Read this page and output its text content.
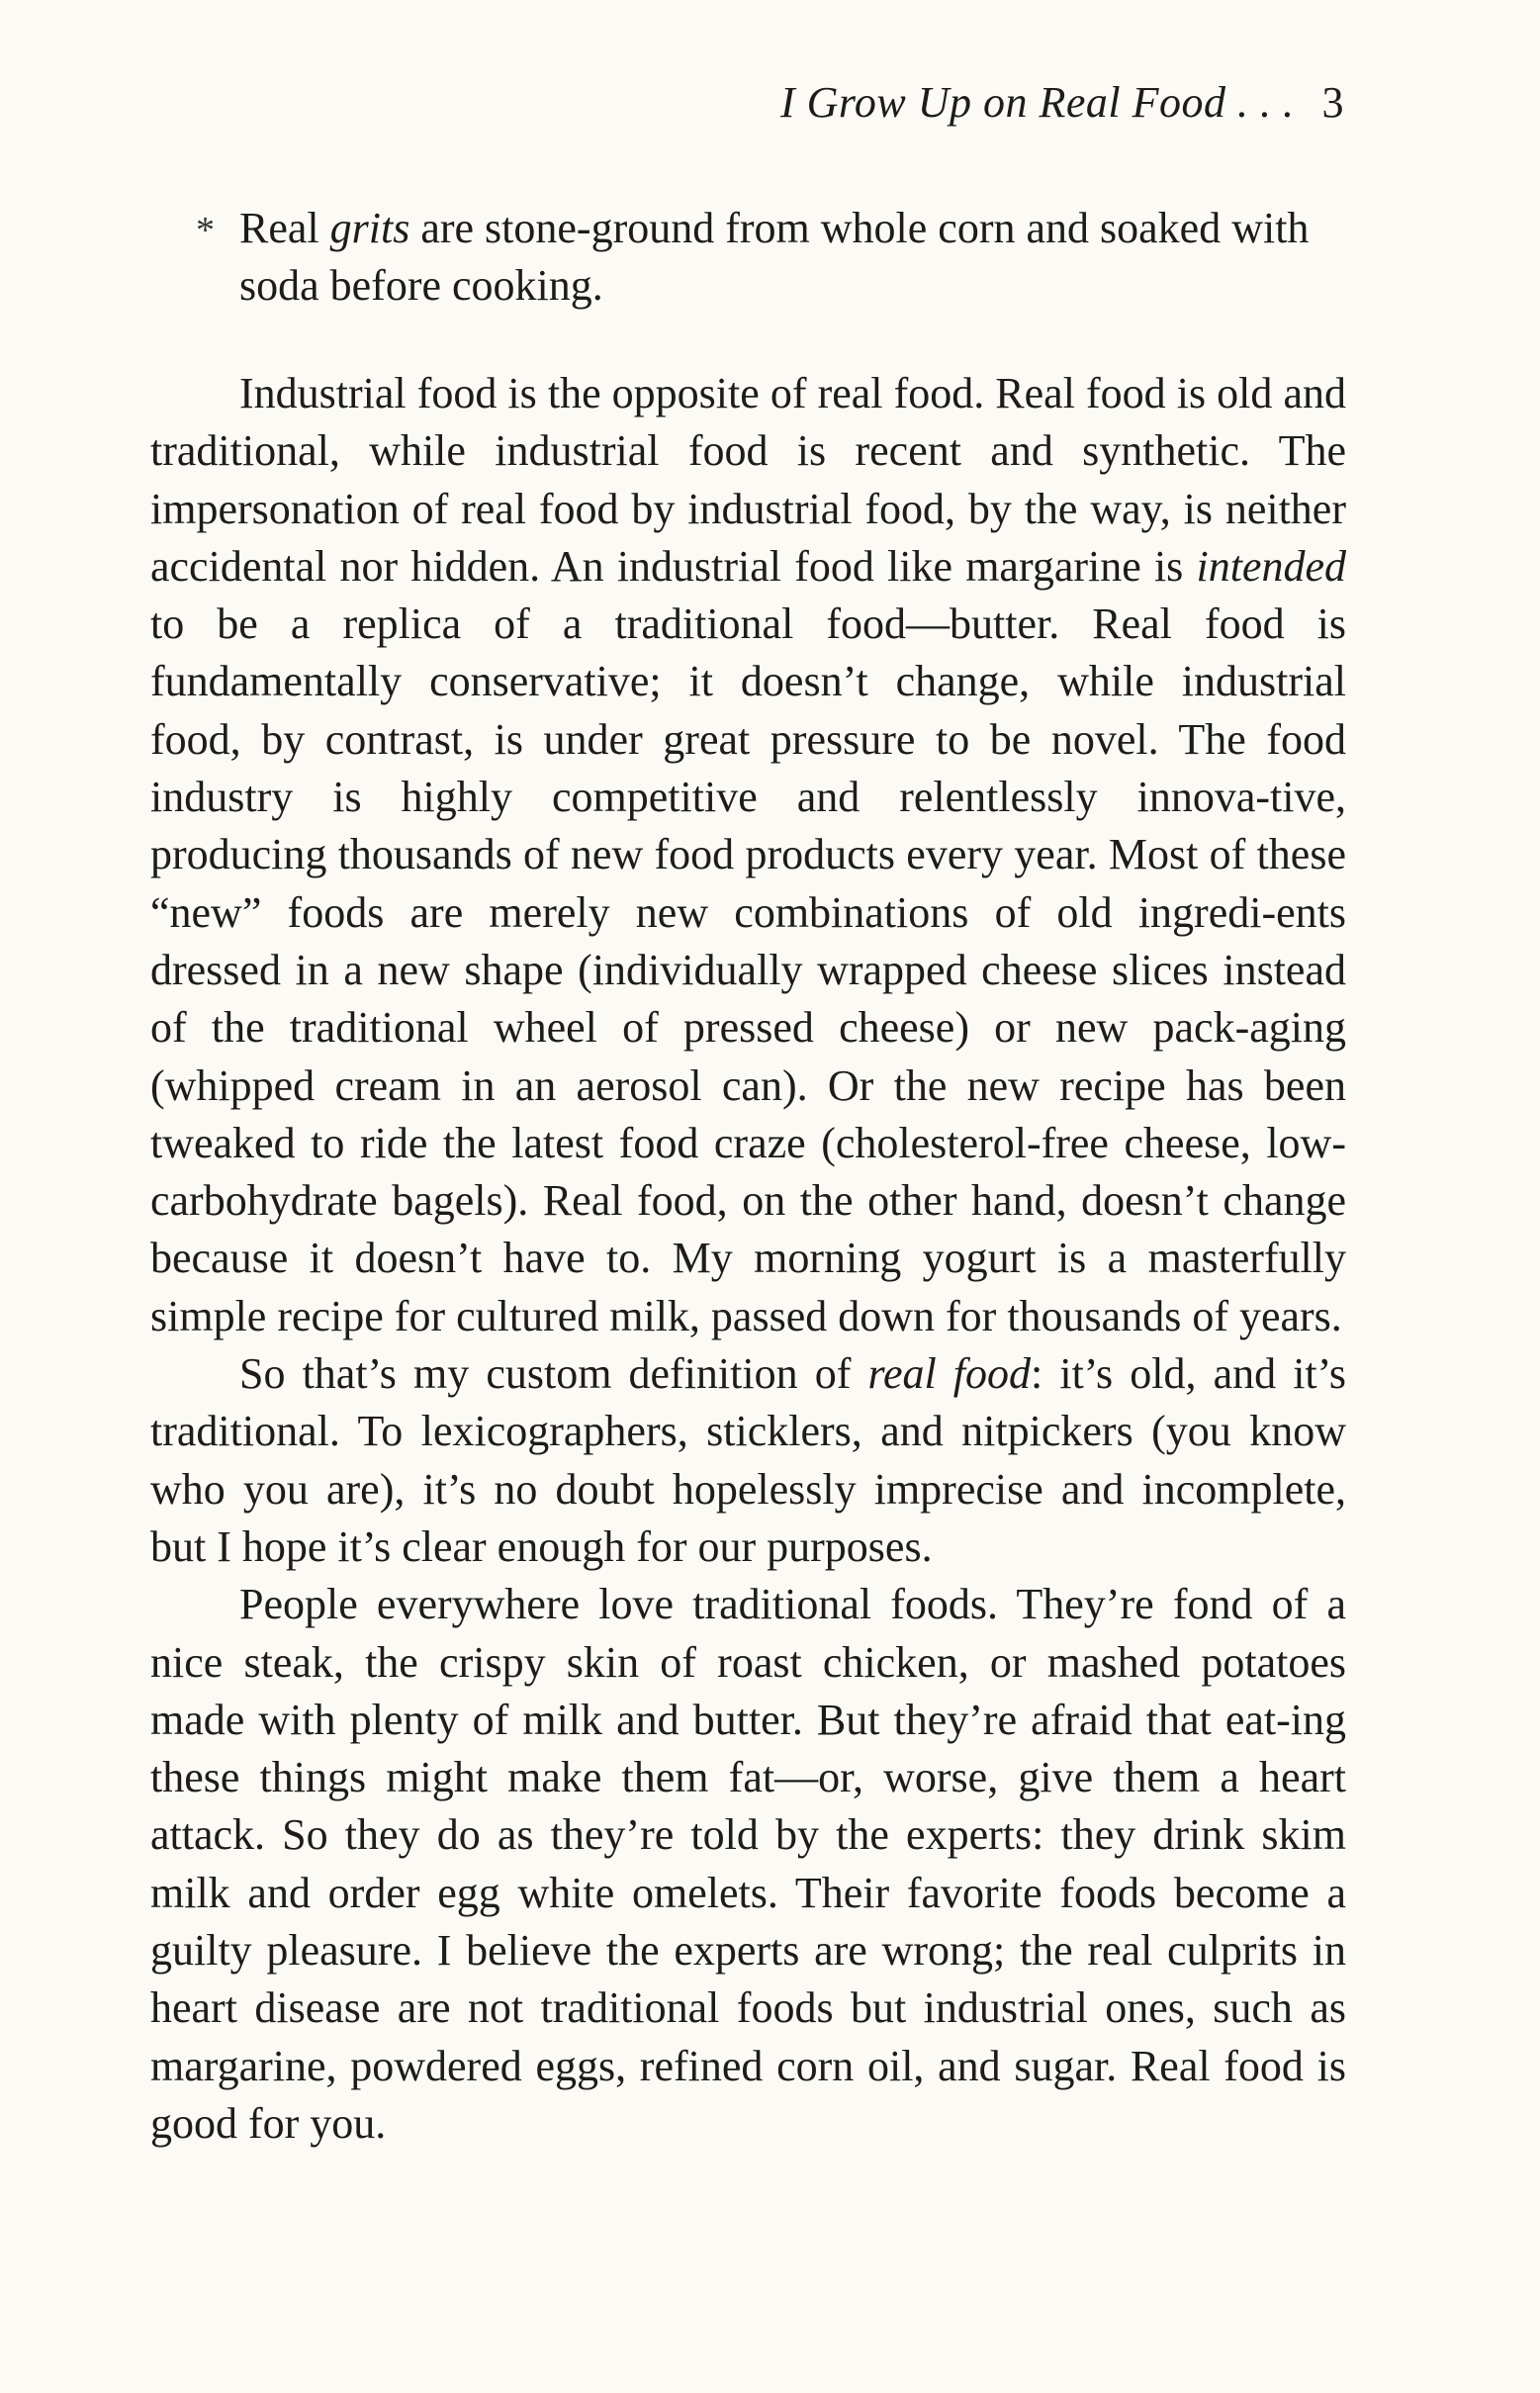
I Grow Up on Real Food . . . 3
* Real grits are stone-ground from whole corn and soaked with soda before cooking.

Industrial food is the opposite of real food. Real food is old and traditional, while industrial food is recent and synthetic. The impersonation of real food by industrial food, by the way, is neither accidental nor hidden. An industrial food like margarine is intended to be a replica of a traditional food—butter. Real food is fundamentally conservative; it doesn’t change, while industrial food, by contrast, is under great pressure to be novel. The food industry is highly competitive and relentlessly innova-tive, producing thousands of new food products every year. Most of these “new” foods are merely new combinations of old ingredi-ents dressed in a new shape (individually wrapped cheese slices instead of the traditional wheel of pressed cheese) or new pack-aging (whipped cream in an aerosol can). Or the new recipe has been tweaked to ride the latest food craze (cholesterol-free cheese, low-carbohydrate bagels). Real food, on the other hand, doesn’t change because it doesn’t have to. My morning yogurt is a masterfully simple recipe for cultured milk, passed down for thousands of years.

So that’s my custom definition of real food: it’s old, and it’s traditional. To lexicographers, sticklers, and nitpickers (you know who you are), it’s no doubt hopelessly imprecise and incomplete, but I hope it’s clear enough for our purposes.

People everywhere love traditional foods. They’re fond of a nice steak, the crispy skin of roast chicken, or mashed potatoes made with plenty of milk and butter. But they’re afraid that eat-ing these things might make them fat—or, worse, give them a heart attack. So they do as they’re told by the experts: they drink skim milk and order egg white omelets. Their favorite foods become a guilty pleasure. I believe the experts are wrong; the real culprits in heart disease are not traditional foods but industrial ones, such as margarine, powdered eggs, refined corn oil, and sugar. Real food is good for you.
